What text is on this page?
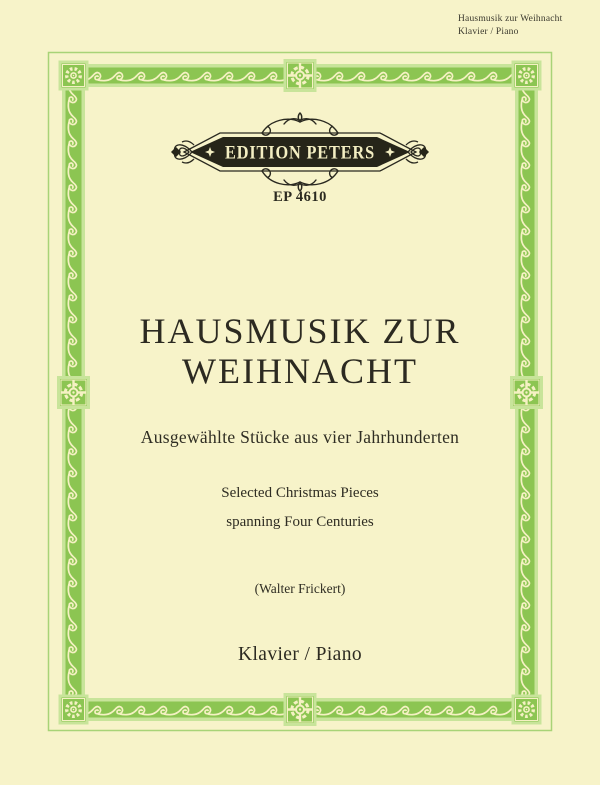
Hausmusik zur Weihnacht
Klavier / Piano
EDITION PETERS
EP 4610
HAUSMUSIK ZUR
WEIHNACHT
Ausgewählte Stücke aus vier Jahrhunderten
Selected Christmas Pieces
spanning Four Centuries
(Walter Frickert)
Klavier / Piano
